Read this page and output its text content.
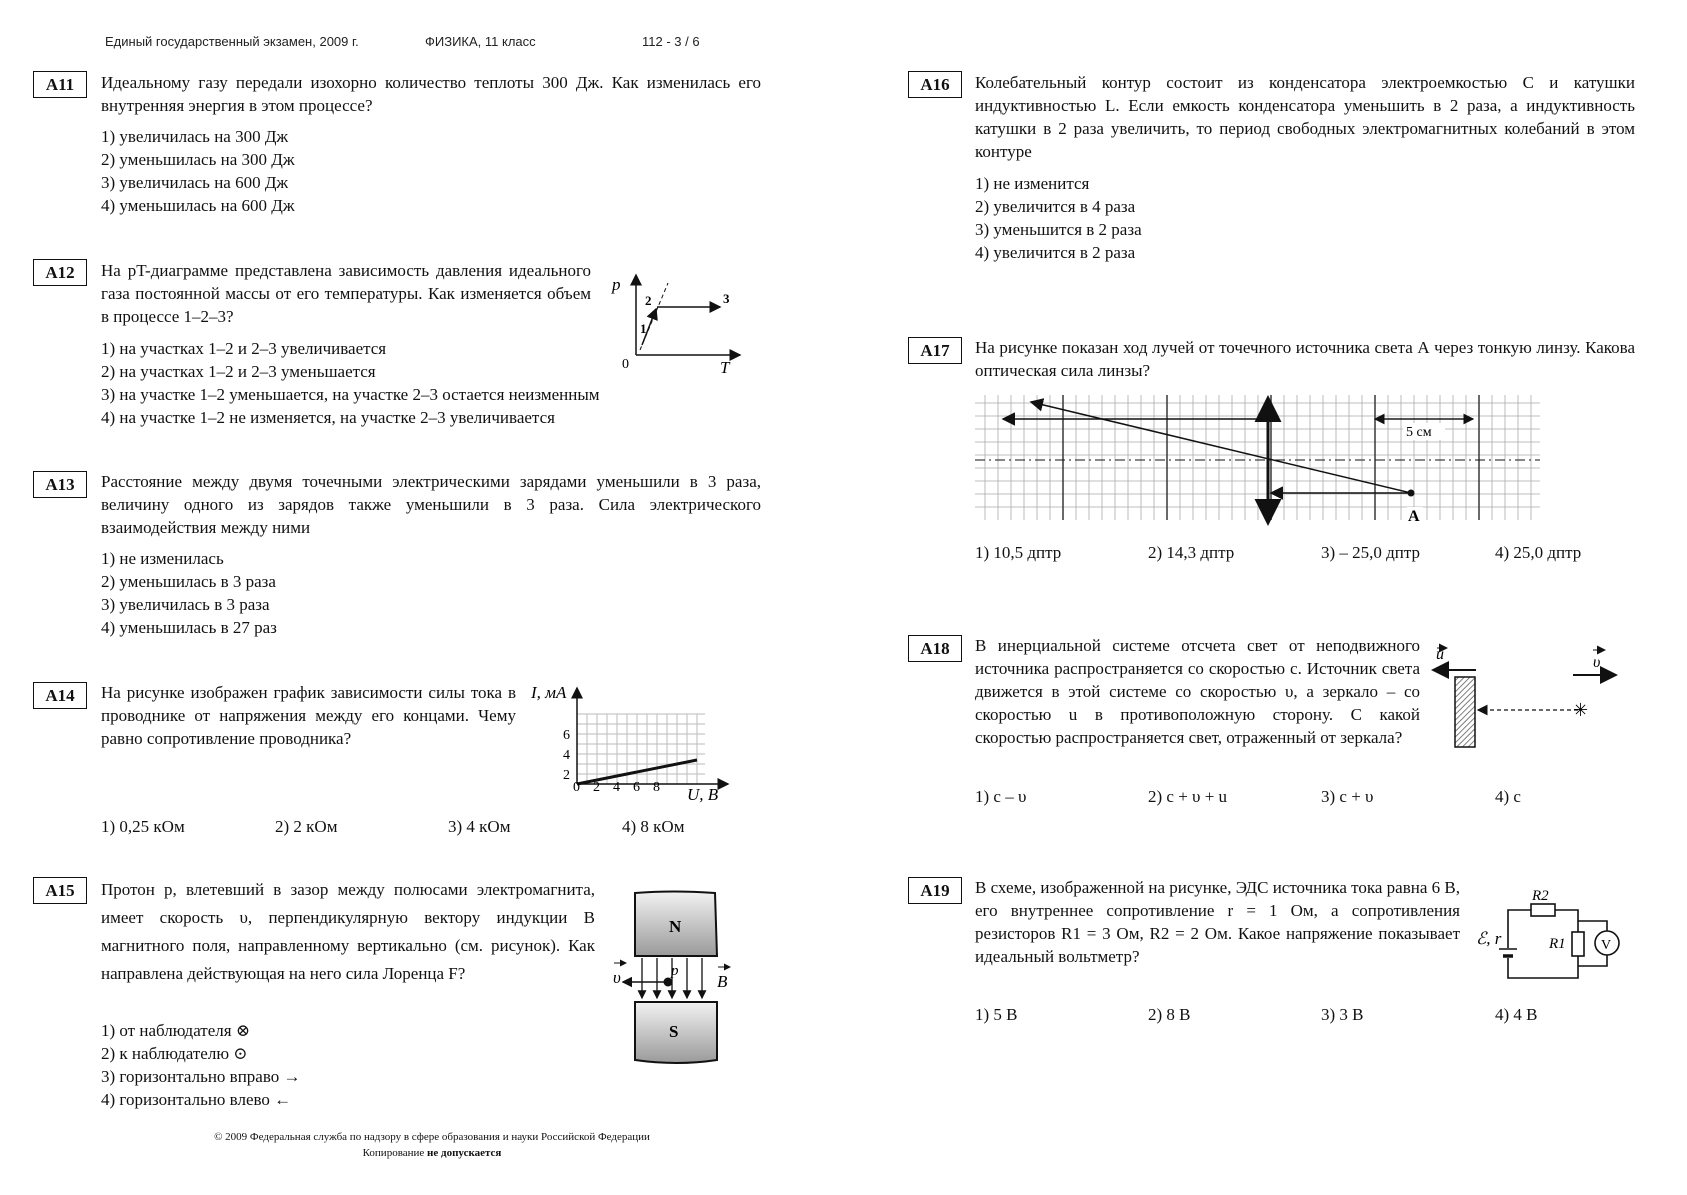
Единый государственный экзамен, 2009 г.	ФИЗИКА, 11 класс	112 - 3 / 6
А11	Идеальному газу передали изохорно количество теплоты 300 Дж. Как изменилась его внутренняя энергия в этом процессе?
1) увеличилась на 300 Дж
2) уменьшилась на 300 Дж
3) увеличилась на 600 Дж
4) уменьшилась на 600 Дж
А12	На pT-диаграмме представлена зависимость давления идеального газа постоянной массы от его температуры. Как изменяется объем в процессе 1–2–3?
1) на участках 1–2 и 2–3 увеличивается
2) на участках 1–2 и 2–3 уменьшается
3) на участке 1–2 уменьшается, на участке 2–3 остается неизменным
4) на участке 1–2 не изменяется, на участке 2–3 увеличивается
p
T
0
1
2	3
А13	Расстояние между двумя точечными электрическими зарядами уменьшили в 3 раза, величину одного из зарядов также уменьшили в 3 раза. Сила электрического взаимодействия между ними
1) не изменилась
2) уменьшилась в 3 раза
3) увеличилась в 3 раза
4) уменьшилась в 27 раз
А14	На рисунке изображен график зависимости силы тока в проводнике от напряжения между его концами. Чему равно сопротивление проводника?
I, мА
U, В
2
4
6
0 2 4 6 8
1) 0,25 кОм	2) 2 кОм	3) 4 кОм	4) 8 кОм
А15	Протон p, влетевший в зазор между полюсами электромагнита, имеет скорость υ, перпендикулярную вектору индукции B магнитного поля, направленному вертикально (см. рисунок). Как направлена действующая на него сила Лоренца F?
1) от наблюдателя ⊗
2) к наблюдателю ⊙
3) горизонтально вправо →
4) горизонтально влево ←
N
S
p
υ	B
© 2009 Федеральная служба по надзору в сфере образования и науки Российской Федерации
Копирование не допускается
А16	Колебательный контур состоит из конденсатора электроемкостью C и катушки индуктивностью L. Если емкость конденсатора уменьшить в 2 раза, а индуктивность катушки в 2 раза увеличить, то период свободных электромагнитных колебаний в этом контуре
1) не изменится
2) увеличится в 4 раза
3) уменьшится в 2 раза
4) увеличится в 2 раза
А17	На рисунке показан ход лучей от точечного источника света А через тонкую линзу. Какова оптическая сила линзы?
5 см
А
1) 10,5 дптр	2) 14,3 дптр	3) – 25,0 дптр	4) 25,0 дптр
А18	В инерциальной системе отсчета свет от неподвижного источника распространяется со скоростью c. Источник света движется в этой системе со скоростью υ, а зеркало – со скоростью u в противоположную сторону. С какой скоростью распространяется свет, отраженный от зеркала?
u	υ
✳
1) c – υ	2) c + υ + u	3) c + υ	4) c
А19	В схеме, изображенной на рисунке, ЭДС источника тока равна 6 В, его внутреннее сопротивление r = 1 Ом, а сопротивления резисторов R1 = 3 Ом, R2 = 2 Ом. Какое напряжение показывает идеальный вольтметр?
V
R2
R1
ℰ, r
1) 5 В	2) 8 В	3) 3 В	4) 4 В
